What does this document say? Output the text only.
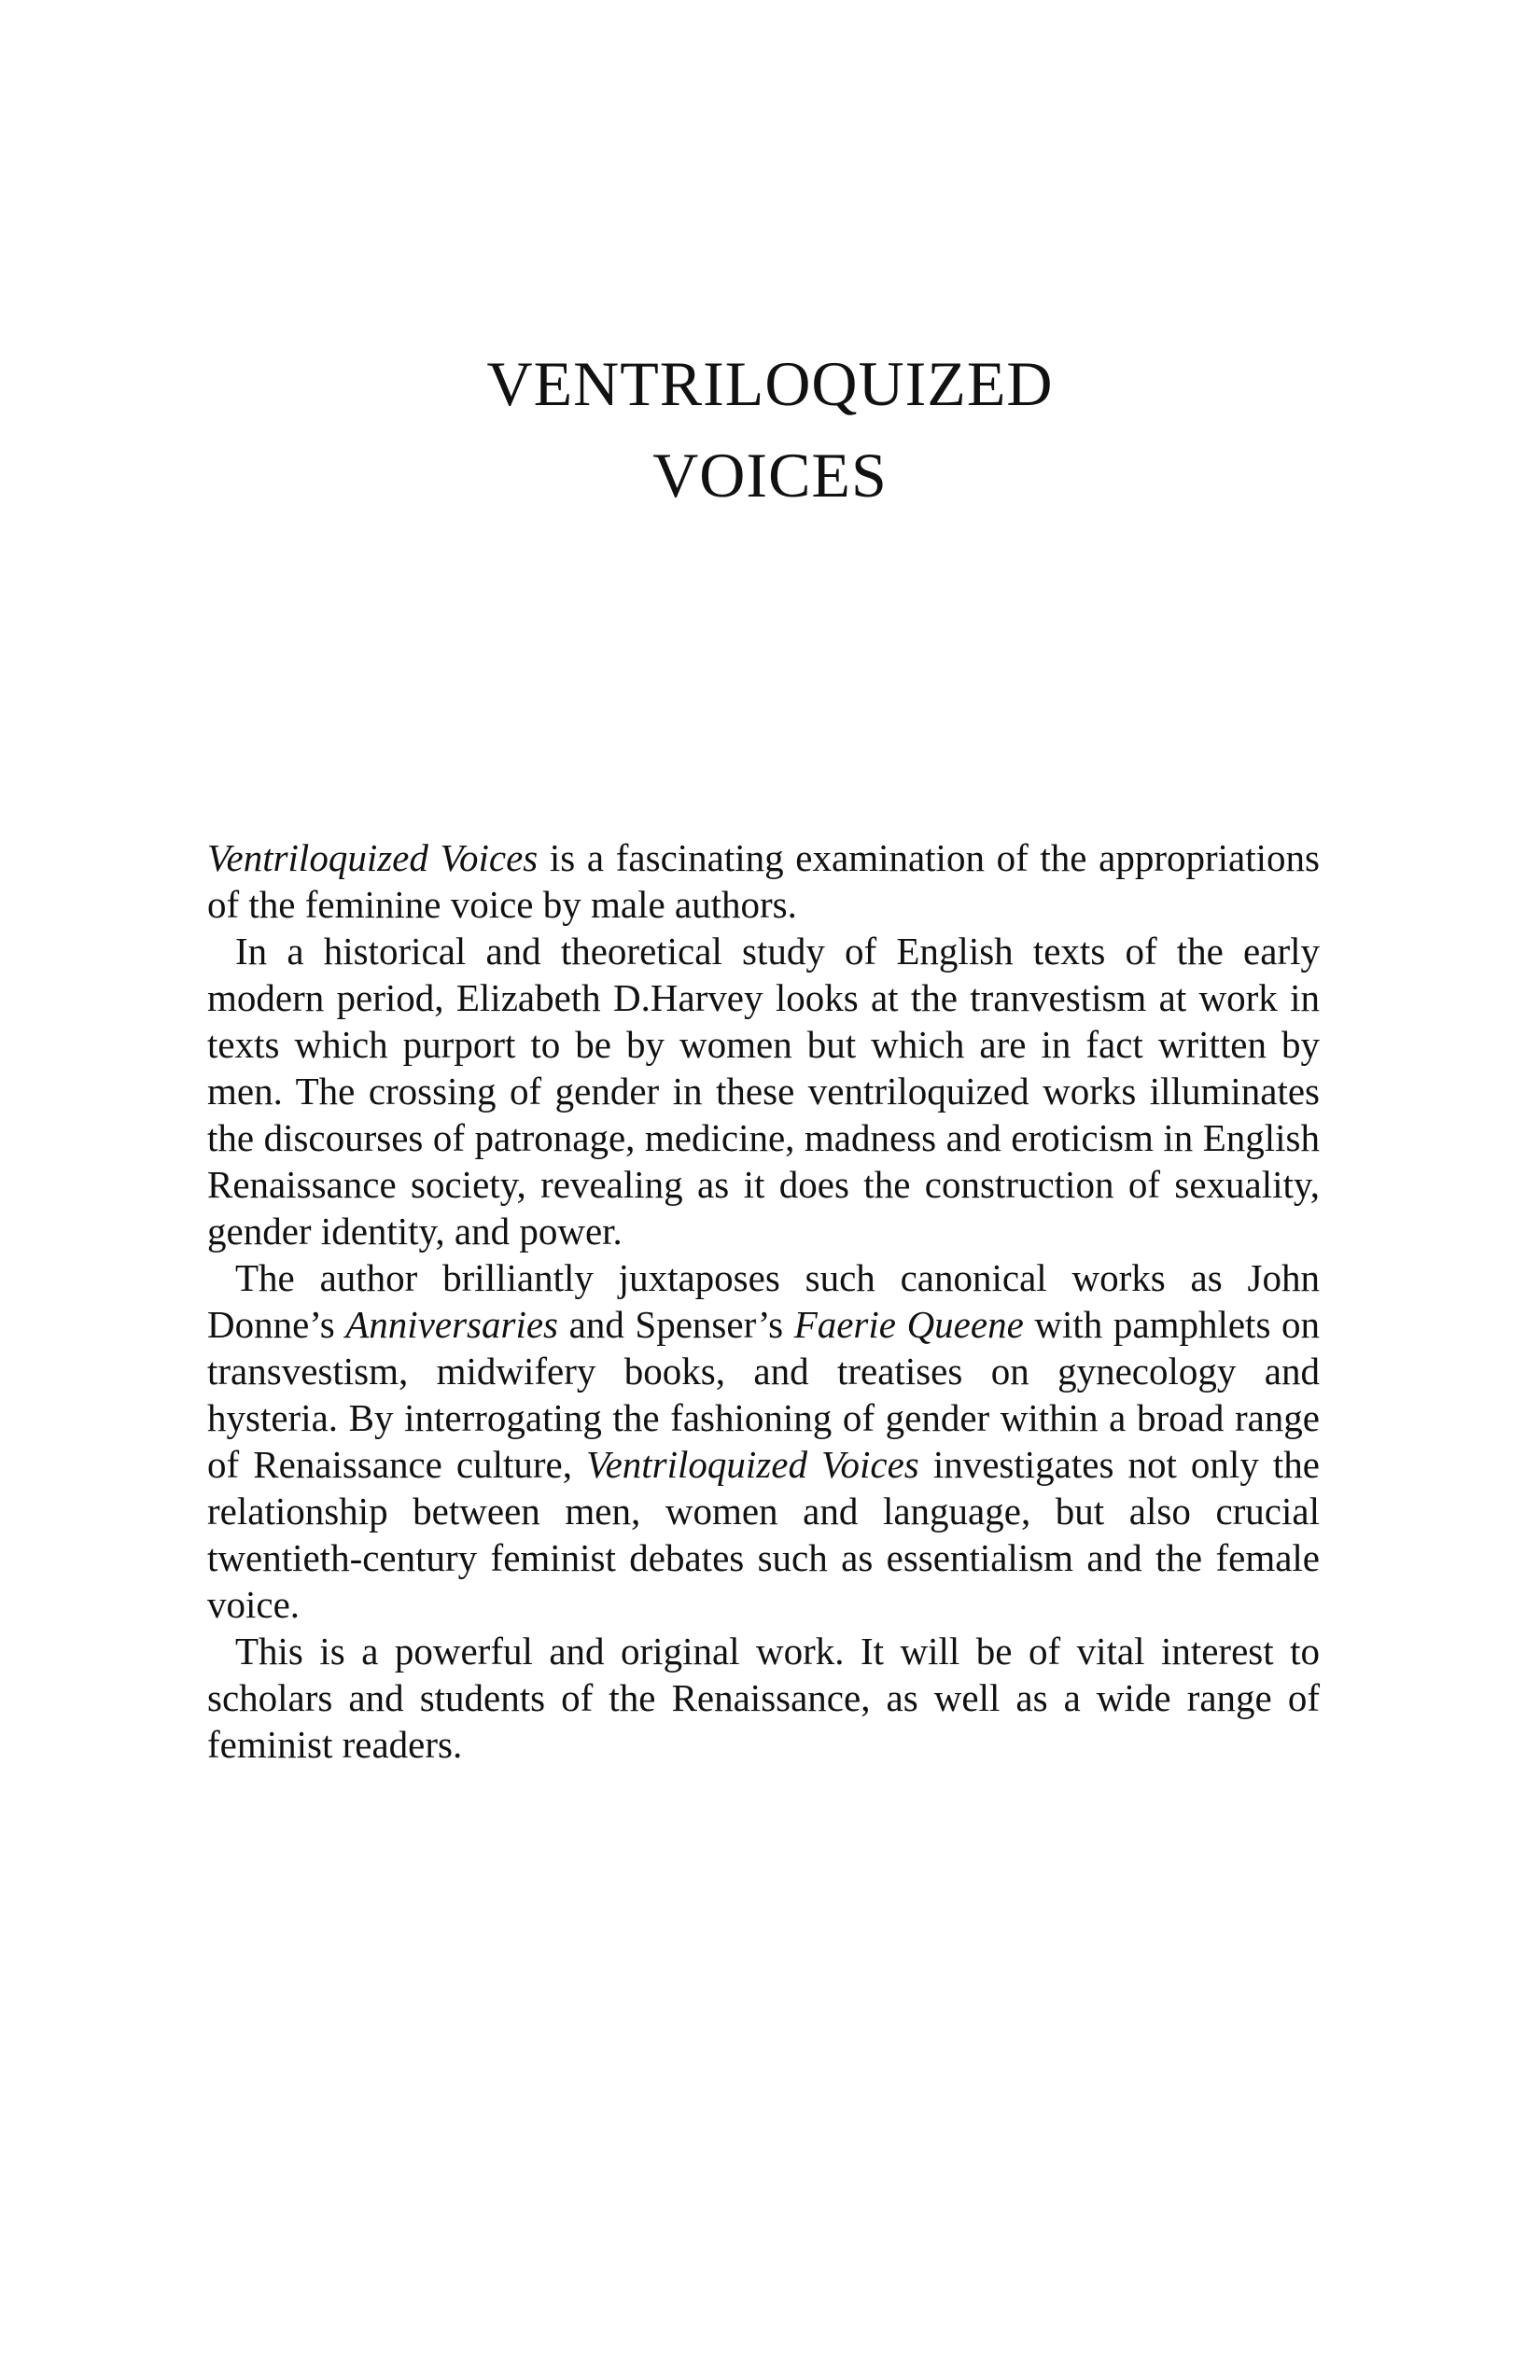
VENTRILOQUIZED
VOICES

Ventriloquized Voices is a fascinating examination of the appropriations of the feminine voice by male authors.

In a historical and theoretical study of English texts of the early modern period, Elizabeth D.Harvey looks at the tranvestism at work in texts which purport to be by women but which are in fact written by men. The crossing of gender in these ventriloquized works illuminates the discourses of patronage, medicine, madness and eroticism in English Renaissance society, revealing as it does the construction of sexuality, gender identity, and power.

The author brilliantly juxtaposes such canonical works as John Donne’s Anniversaries and Spenser’s Faerie Queene with pamphlets on transvestism, midwifery books, and treatises on gynecology and hysteria. By interrogating the fashioning of gender within a broad range of Renaissance culture, Ventriloquized Voices investigates not only the relationship between men, women and language, but also crucial twentieth-century feminist debates such as essentialism and the female voice.

This is a powerful and original work. It will be of vital interest to scholars and students of the Renaissance, as well as a wide range of feminist readers.
